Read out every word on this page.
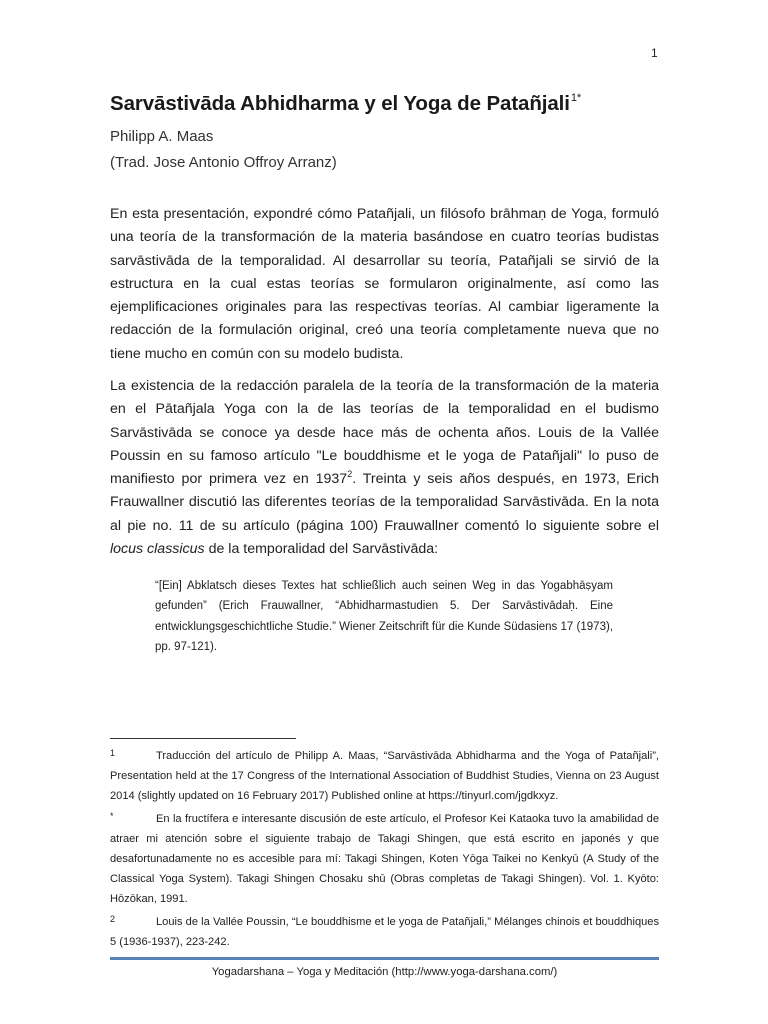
1
Sarvāstivāda Abhidharma y el Yoga de Patañjali$^{1*}$
Philipp A. Maas
(Trad. Jose Antonio Offroy Arranz)

En esta presentación, expondré cómo Patañjali, un filósofo brāhmaṇ de Yoga, formuló una teoría de la transformación de la materia basándose en cuatro teorías budistas sarvāstivāda de la temporalidad. Al desarrollar su teoría, Patañjali se sirvió de la estructura en la cual estas teorías se formularon originalmente, así como las ejemplificaciones originales para las respectivas teorías. Al cambiar ligeramente la redacción de la formulación original, creó una teoría completamente nueva que no tiene mucho en común con su modelo budista.

La existencia de la redacción paralela de la teoría de la transformación de la materia en el Pātañjala Yoga con la de las teorías de la temporalidad en el budismo Sarvāstivāda se conoce ya desde hace más de ochenta años. Louis de la Vallée Poussin en su famoso artículo "Le bouddhisme et le yoga de Patañjali" lo puso de manifiesto por primera vez en 1937$^2$. Treinta y seis años después, en 1973, Erich Frauwallner discutió las diferentes teorías de la temporalidad Sarvāstivāda. En la nota al pie no. 11 de su artículo (página 100) Frauwallner comentó lo siguiente sobre el locus classicus de la temporalidad del Sarvāstivāda:

“[Ein] Abklatsch dieses Textes hat schließlich auch seinen Weg in das Yogabhāṣyam gefunden” (Erich Frauwallner, “Abhidharmastudien 5. Der Sarvāstivādaḥ. Eine entwicklungsgeschichtliche Studie.” Wiener Zeitschrift für die Kunde Südasiens 17 (1973), pp. 97-121).

1	Traducción del artículo de Philipp A. Maas, “Sarvāstivāda Abhidharma and the Yoga of Patañjali”, Presentation held at the 17 Congress of the International Association of Buddhist Studies, Vienna on 23 August 2014 (slightly updated on 16 February 2017) Published online at https://tinyurl.com/jgdkxyz.

*	En la fructífera e interesante discusión de este artículo, el Profesor Kei Kataoka tuvo la amabilidad de atraer mi atención sobre el siguiente trabajo de Takagi Shingen, que está escrito en japonés y que desafortunadamente no es accesible para mí: Takagi Shingen, Koten Yōga Taikei no Kenkyū (A Study of the Classical Yoga System). Takagi Shingen Chosaku shū (Obras completas de Takagi Shingen). Vol. 1. Kyōto: Hōzōkan, 1991.

2	Louis de la Vallée Poussin, “Le bouddhisme et le yoga de Patañjali,” Mélanges chinois et bouddhiques 5 (1936-1937), 223-242.

Yogadarshana – Yoga y Meditación (http://www.yoga-darshana.com/)
